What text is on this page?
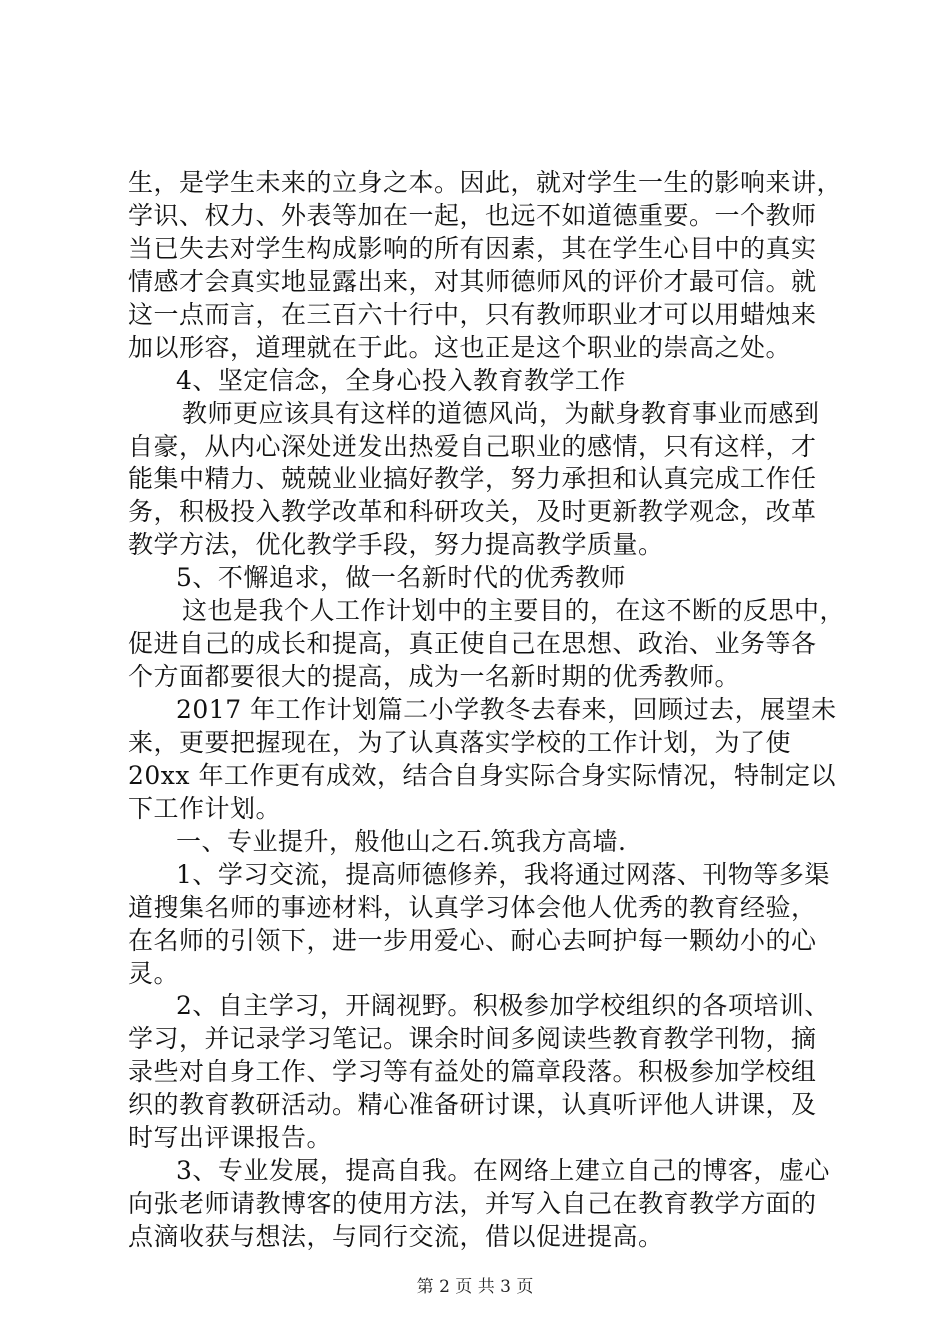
生，是学生未来的立身之本。因此，就对学生一生的影响来讲，
学识、权力、外表等加在一起，也远不如道德重要。一个教师
当已失去对学生构成影响的所有因素，其在学生心目中的真实
情感才会真实地显露出来，对其师德师风的评价才最可信。就
这一点而言，在三百六十行中，只有教师职业才可以用蜡烛来
加以形容，道理就在于此。这也正是这个职业的崇高之处。
4、坚定信念，全身心投入教育教学工作
教师更应该具有这样的道德风尚，为献身教育事业而感到
自豪，从内心深处迸发出热爱自己职业的感情，只有这样，才
能集中精力、兢兢业业搞好教学，努力承担和认真完成工作任
务，积极投入教学改革和科研攻关，及时更新教学观念，改革
教学方法，优化教学手段，努力提高教学质量。
5、不懈追求，做一名新时代的优秀教师
这也是我个人工作计划中的主要目的，在这不断的反思中，
促进自己的成长和提高，真正使自己在思想、政治、业务等各
个方面都要很大的提高，成为一名新时期的优秀教师。
2017 年工作计划篇二小学教冬去春来，回顾过去，展望未
来，更要把握现在，为了认真落实学校的工作计划，为了使
20xx 年工作更有成效，结合自身实际合身实际情况，特制定以
下工作计划。
一、专业提升，般他山之石.筑我方高墙.
1、学习交流，提高师德修养，我将通过网落、刊物等多渠
道搜集名师的事迹材料，认真学习体会他人优秀的教育经验，
在名师的引领下，进一步用爱心、耐心去呵护每一颗幼小的心
灵。
2、自主学习，开阔视野。积极参加学校组织的各项培训、
学习，并记录学习笔记。课余时间多阅读些教育教学刊物，摘
录些对自身工作、学习等有益处的篇章段落。积极参加学校组
织的教育教研活动。精心准备研讨课，认真听评他人讲课，及
时写出评课报告。
3、专业发展，提高自我。在网络上建立自己的博客，虚心
向张老师请教博客的使用方法，并写入自己在教育教学方面的
点滴收获与想法，与同行交流，借以促进提高。
第 2 页 共 3 页
